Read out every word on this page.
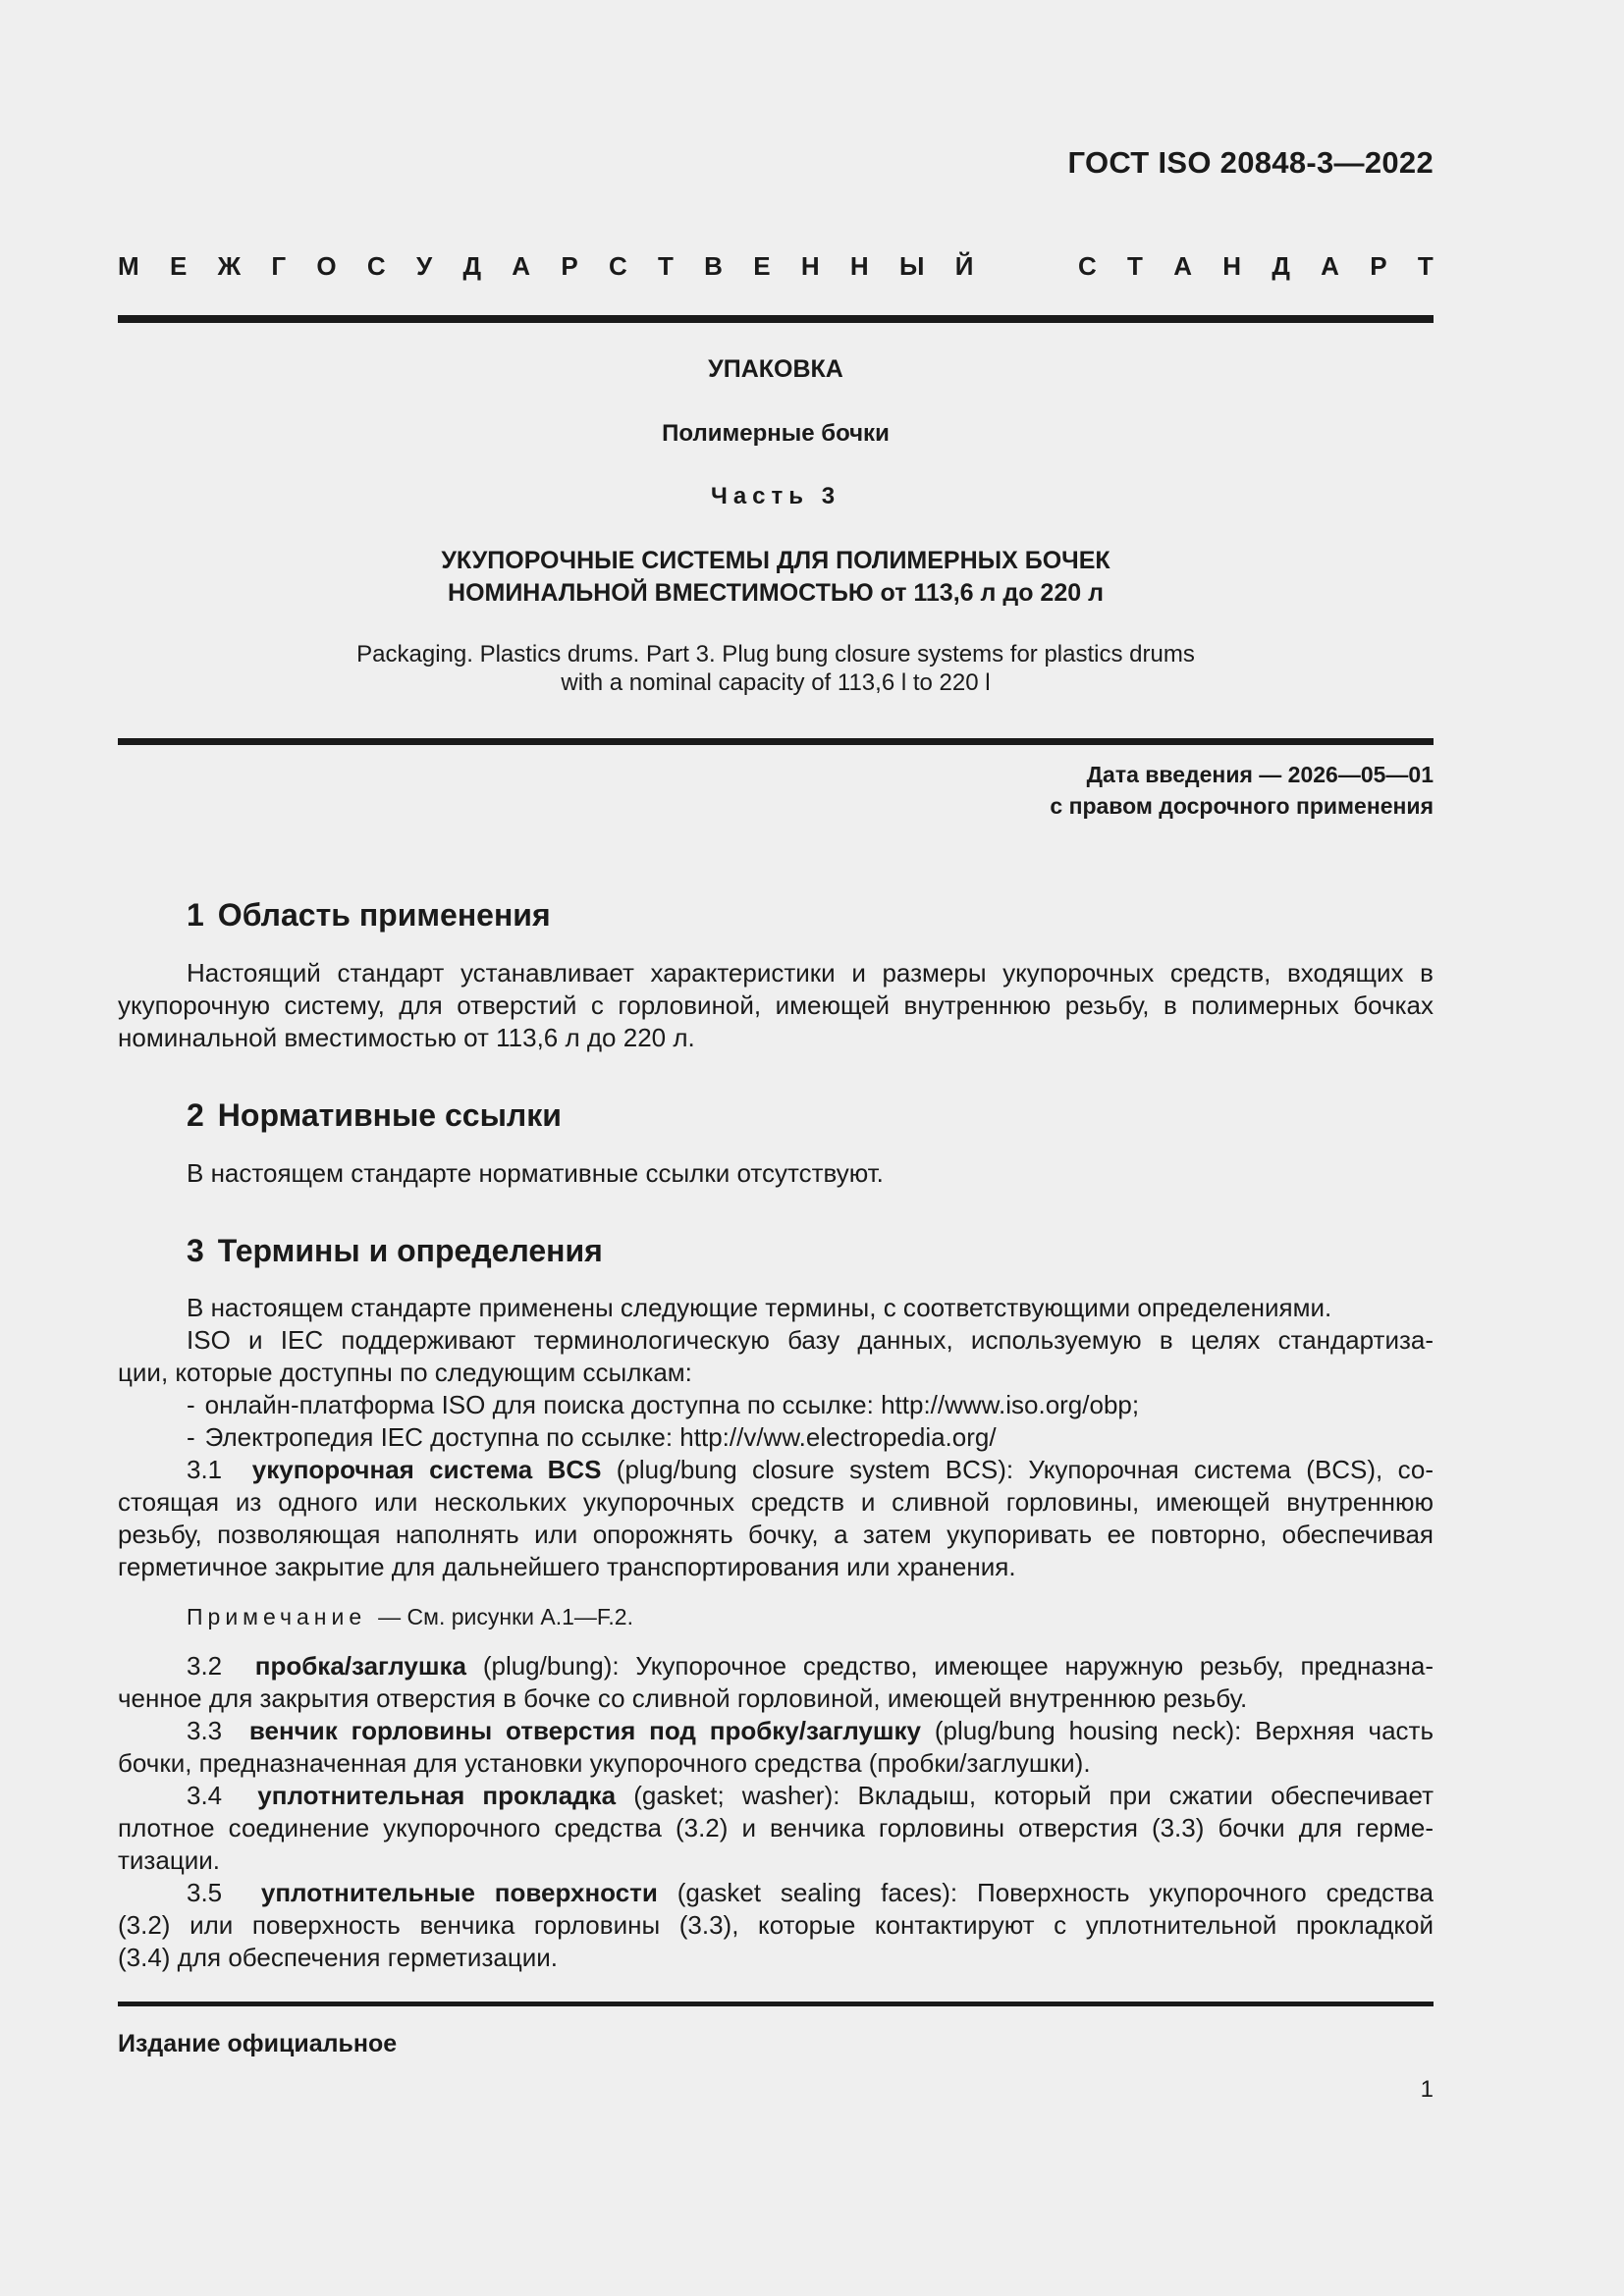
ГОСТ ISO 20848-3—2022
М Е Ж Г О С У Д А Р С Т В Е Н Н Ы Й	С Т А Н Д А Р Т
УПАКОВКА
Полимерные бочки
Часть 3
УКУПОРОЧНЫЕ СИСТЕМЫ ДЛЯ ПОЛИМЕРНЫХ БОЧЕК
НОМИНАЛЬНОЙ ВМЕСТИМОСТЬЮ от 113,6 л до 220 л
Packaging. Plastics drums. Part 3. Plug bung closure systems for plastics drums
with a nominal capacity of 113,6 l to 220 l
Дата введения — 2026—05—01
с правом досрочного применения
1 Область применения

Настоящий стандарт устанавливает характеристики и размеры укупорочных средств, входящих в

укупорочную систему, для отверстий с горловиной, имеющей внутреннюю резьбу, в полимерных бочках

номинальной вместимостью от 113,6 л до 220 л.

2 Нормативные ссылки

В настоящем стандарте нормативные ссылки отсутствуют.

3 Термины и определения

В настоящем стандарте применены следующие термины, с соответствующими определениями.

ISO и IEC поддерживают терминологическую базу данных, используемую в целях стандартиза-

ции, которые доступны по следующим ссылкам:

- онлайн-платформа ISO для поиска доступна по ссылке: http://www.iso.org/obp;

- Электропедия IEC доступна по ссылке: http://v/ww.electropedia.org/

3.1 укупорочная система BCS (plug/bung closure system BCS): Укупорочная система (BCS), со-

стоящая из одного или нескольких укупорочных средств и сливной горловины, имеющей внутреннюю

резьбу, позволяющая наполнять или опорожнять бочку, а затем укупоривать ее повторно, обеспечивая

герметичное закрытие для дальнейшего транспортирования или хранения.

Примечание — См. рисунки А.1—F.2.

3.2 пробка/заглушка (plug/bung): Укупорочное средство, имеющее наружную резьбу, предназна-

ченное для закрытия отверстия в бочке со сливной горловиной, имеющей внутреннюю резьбу.

3.3 венчик горловины отверстия под пробку/заглушку (plug/bung housing neck): Верхняя часть

бочки, предназначенная для установки укупорочного средства (пробки/заглушки).

3.4 уплотнительная прокладка (gasket; washer): Вкладыш, который при сжатии обеспечивает

плотное соединение укупорочного средства (3.2) и венчика горловины отверстия (3.3) бочки для герме-

тизации.

3.5 уплотнительные поверхности (gasket sealing faces): Поверхность укупорочного средства

(3.2) или поверхность венчика горловины (3.3), которые контактируют с уплотнительной прокладкой

(3.4) для обеспечения герметизации.

Издание официальное
1
